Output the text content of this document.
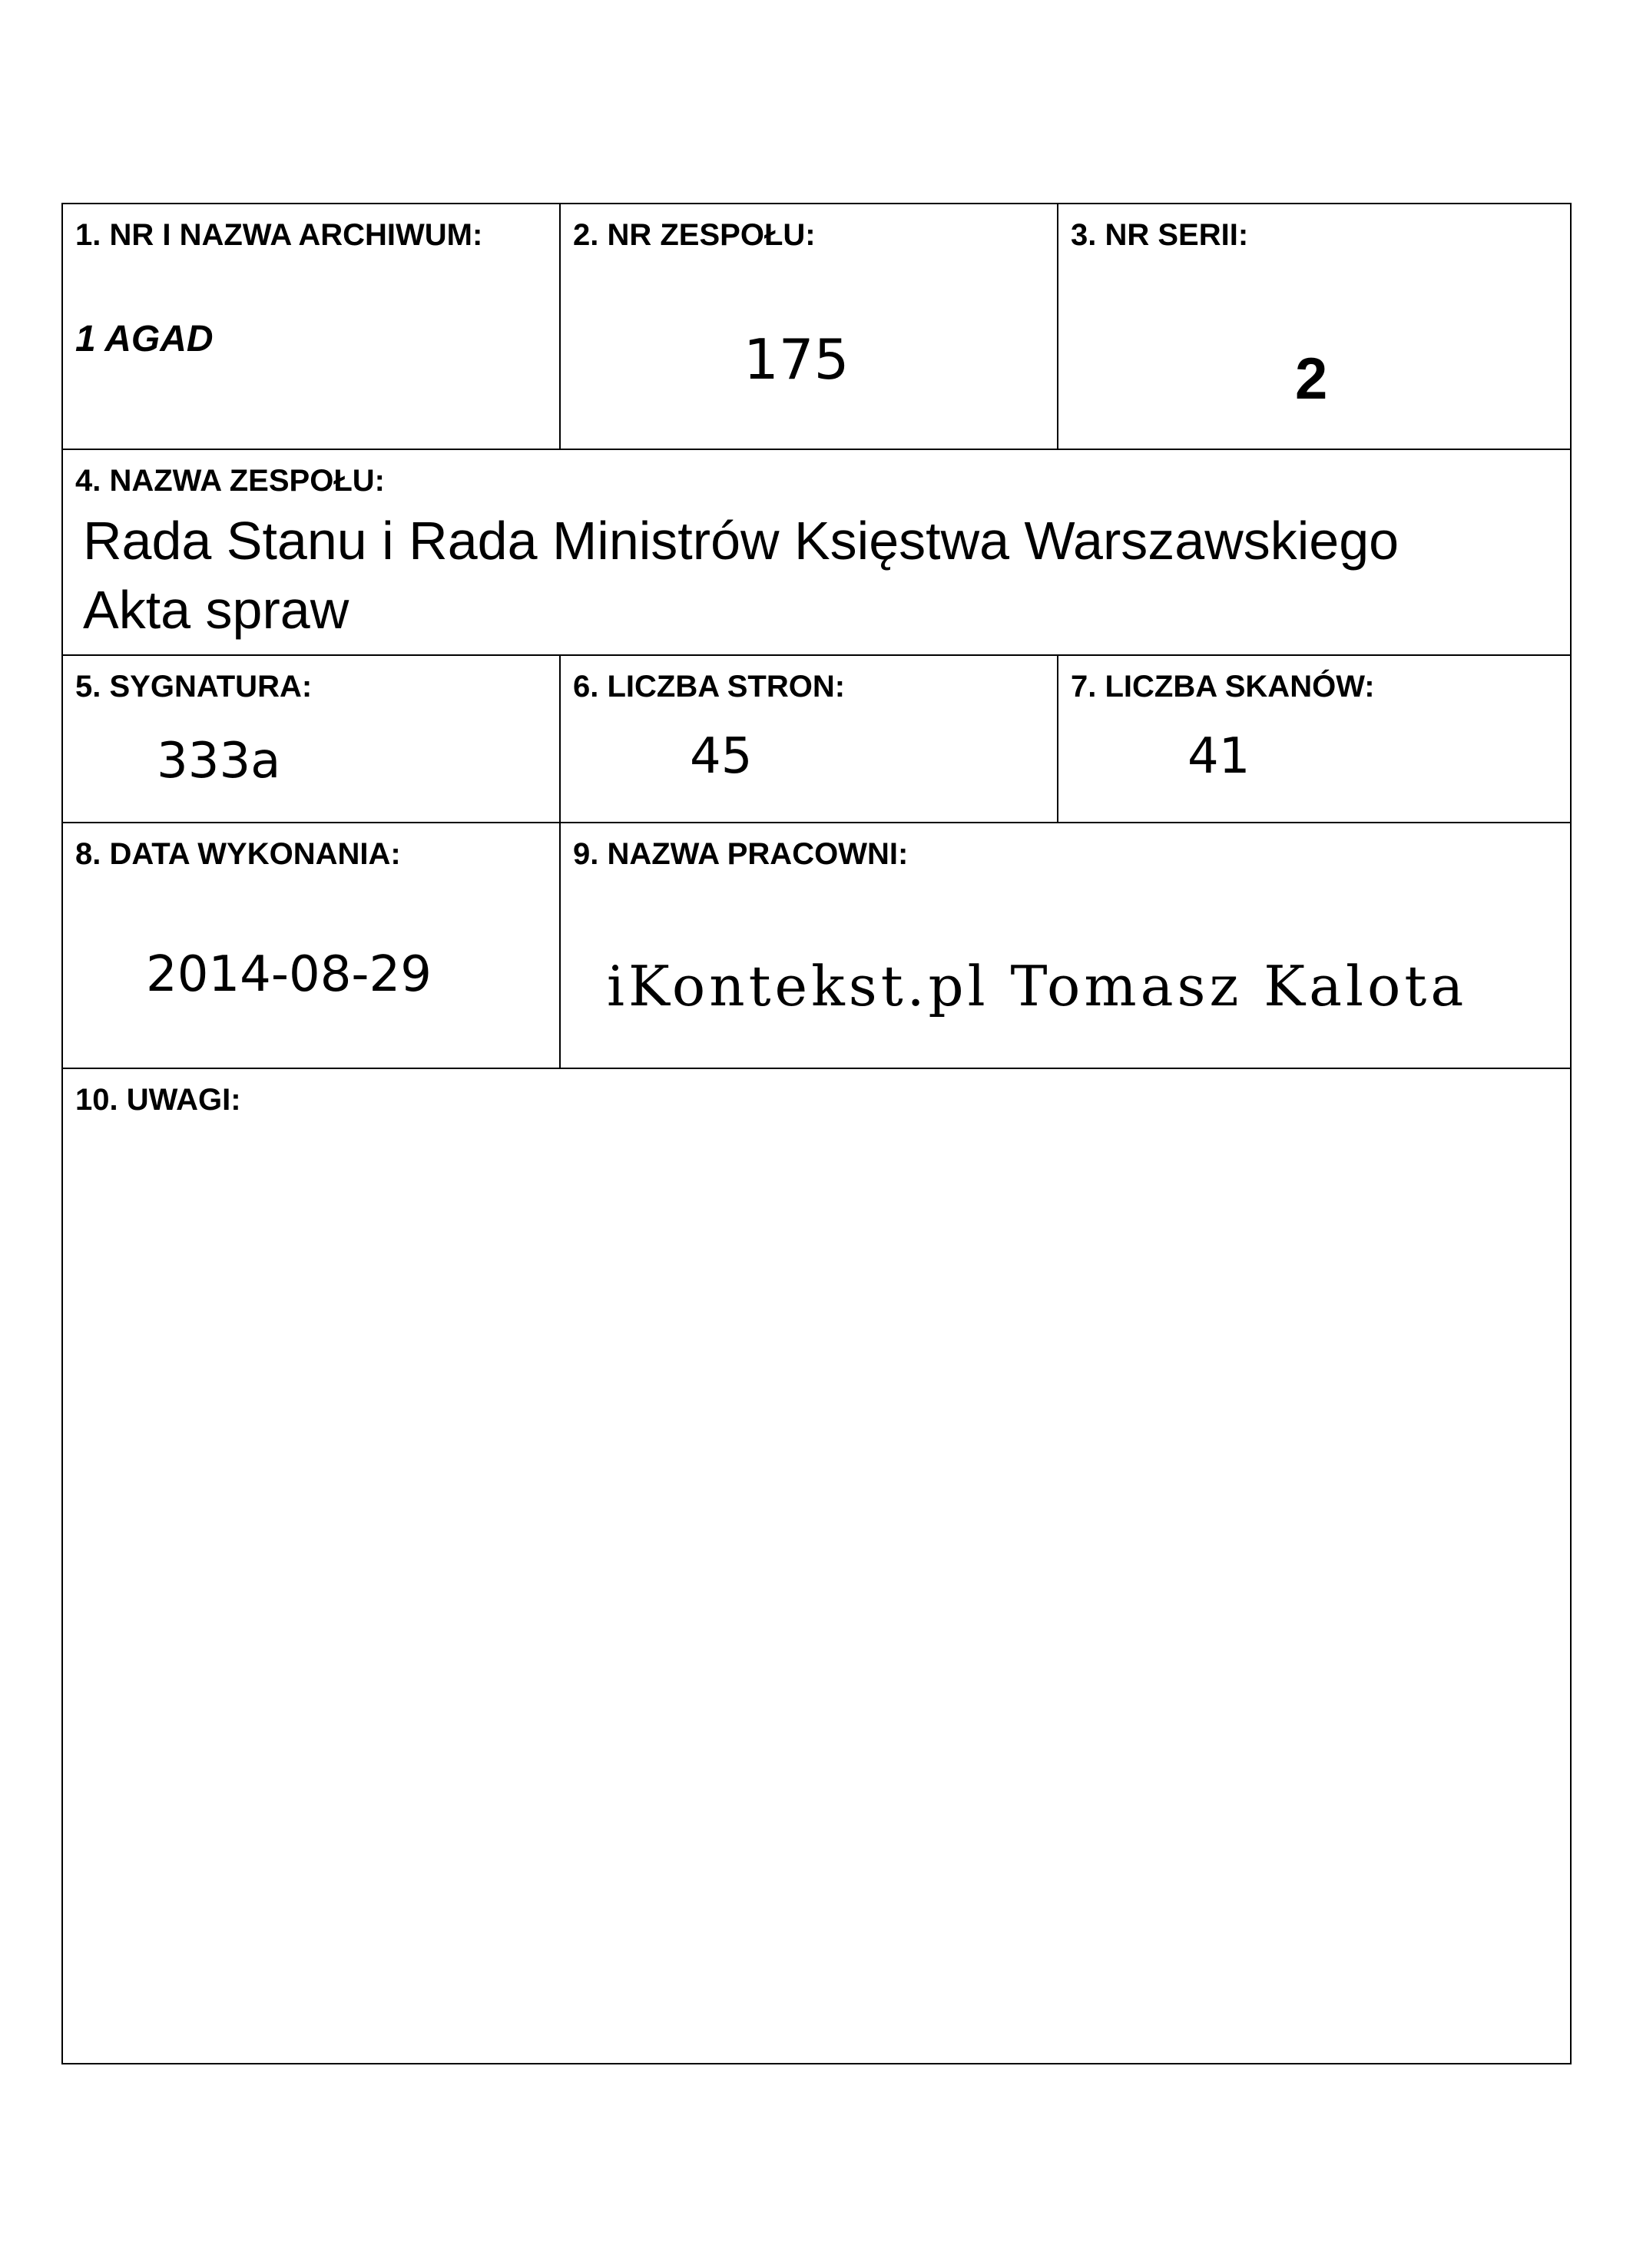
1. NR I NAZWA ARCHIWUM:
1 AGAD
2. NR ZESPOŁU:
175
3. NR SERII:
2
4. NAZWA ZESPOŁU:
Rada Stanu i Rada Ministrów Księstwa Warszawskiego
Akta spraw
5. SYGNATURA:
333a
6. LICZBA STRON:
45
7. LICZBA SKANÓW:
41
8. DATA WYKONANIA:
2014-08-29
9. NAZWA PRACOWNI:
iKontekst.pl Tomasz Kalota
10. UWAGI:
